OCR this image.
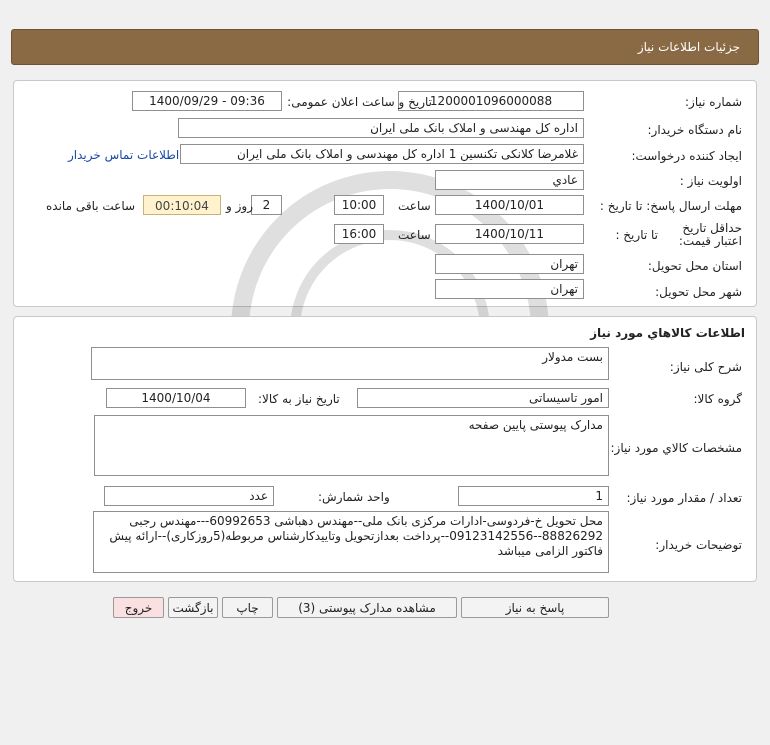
جزئیات اطلاعات نیاز
شماره نیاز:
1200001096000088
تاریخ و ساعت اعلان عمومی:
1400/09/29 - 09:36
نام دستگاه خریدار:
اداره کل مهندسی و املاک بانک ملی ایران
ایجاد کننده درخواست:
غلامرضا کلانکی تکنسین 1 اداره کل مهندسی و املاک بانک ملی ایران
اطلاعات تماس خریدار
اولویت نیاز :
عادي
مهلت ارسال پاسخ: تا تاریخ :
1400/10/01
ساعت
10:00
2
روز و
00:10:04
ساعت باقی مانده
حداقل تاریخ اعتبار قیمت:
تا تاریخ :
1400/10/11
ساعت
16:00
استان محل تحویل:
تهران
شهر محل تحویل:
تهران
اطلاعات کالاهاي مورد نياز
شرح کلی نیاز:
بست مدولار
گروه کالا:
امور تاسیساتی
تاریخ نیاز به کالا:
1400/10/04
مشخصات کالاي مورد نياز:
مدارک پیوستی پایین صفحه
تعداد / مقدار مورد نیاز:
1
واحد شمارش:
عدد
توضیحات خریدار:
محل تحویل خ-فردوسی-ادارات مرکزی بانک ملی--مهندس دهباشی 60992653---مهندس رجبی 88826292--09123142556--پرداخت بعدازتحویل وتاییدکارشناس مربوطه(5روزکاری)--ارائه پیش فاکتور الزامی میباشد
پاسخ به نیاز
مشاهده مدارک پیوستی (3)
چاپ
بازگشت
خروج
